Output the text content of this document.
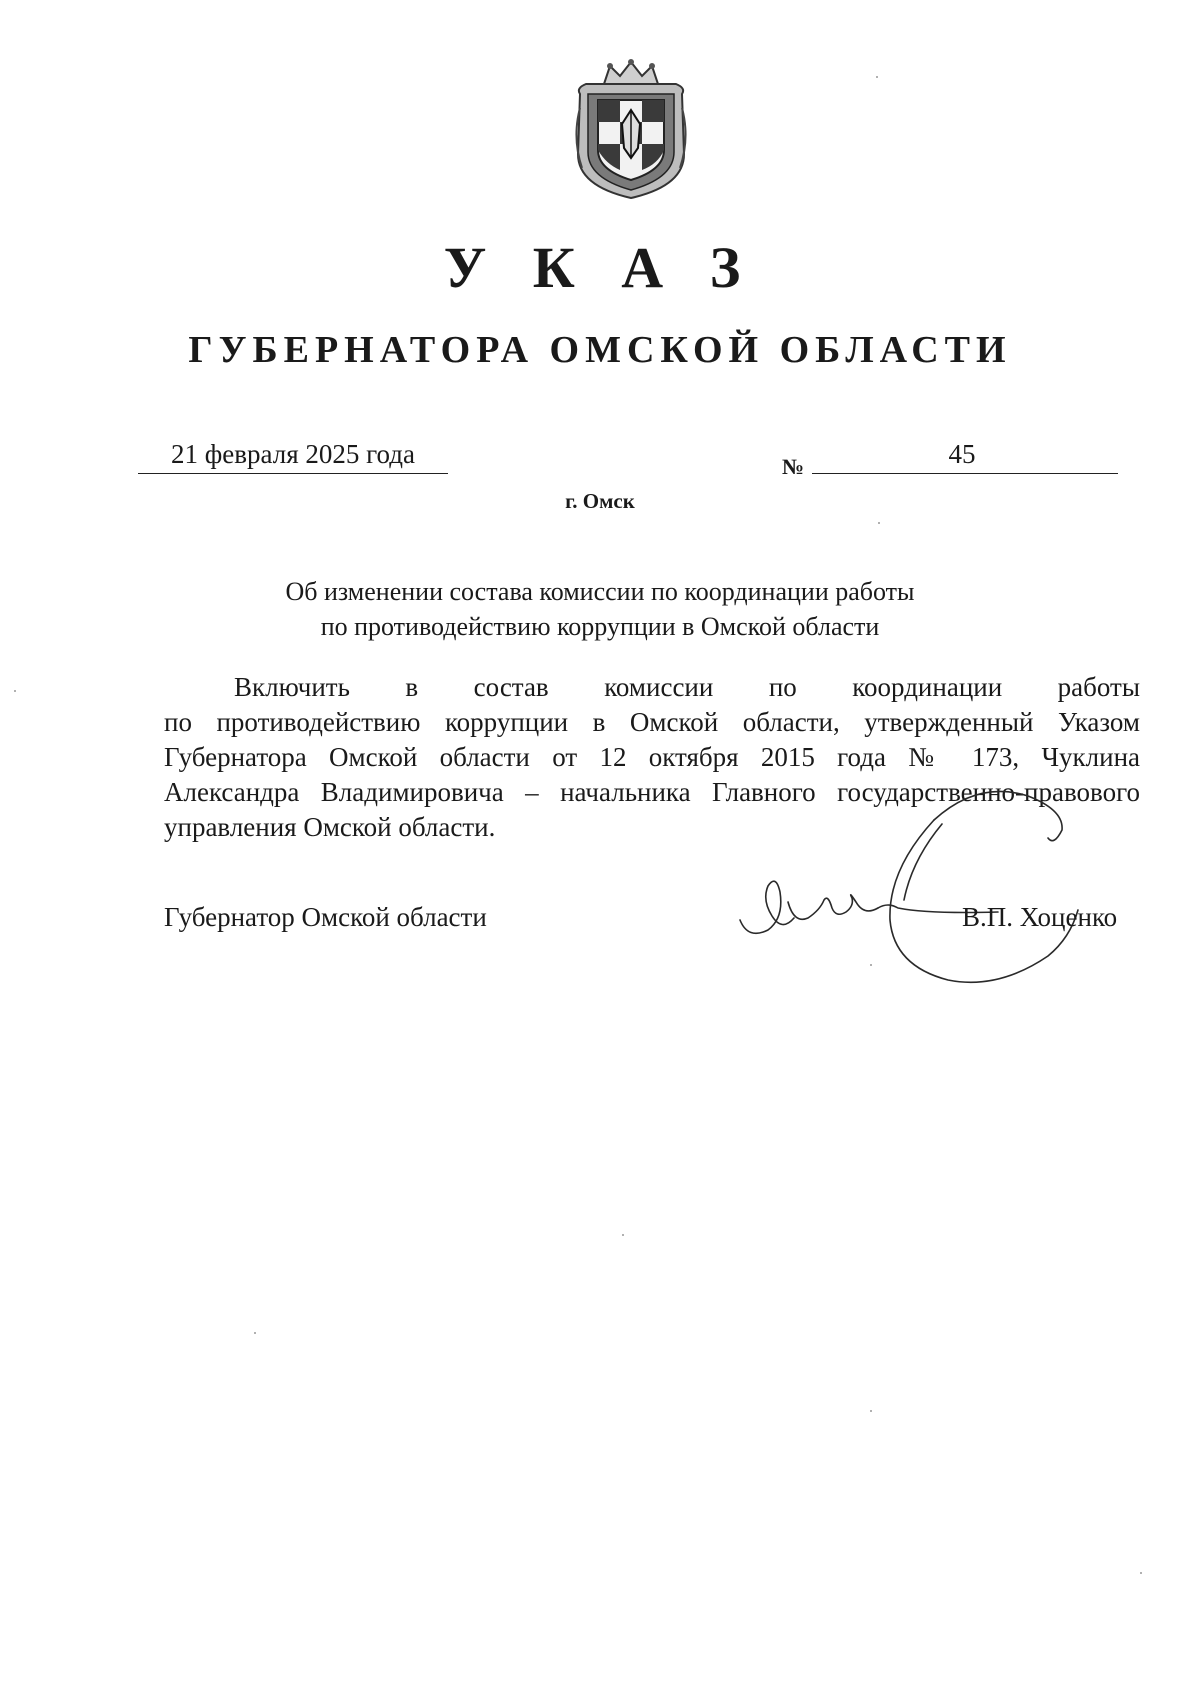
У К А З
ГУБЕРНАТОРА ОМСКОЙ ОБЛАСТИ
21 февраля 2025 года	№	45
г. Омск
Об изменении состава комиссии по координации работы
по противодействию коррупции в Омской области
Включить в состав комиссии по координации работы
по противодействию коррупции в Омской области, утвержденный Указом
Губернатора Омской области от 12 октября 2015 года № 173, Чуклина
Александра Владимировича – начальника Главного государственно-правового
управления Омской области.
Губернатор Омской области	В.П. Хоценко
